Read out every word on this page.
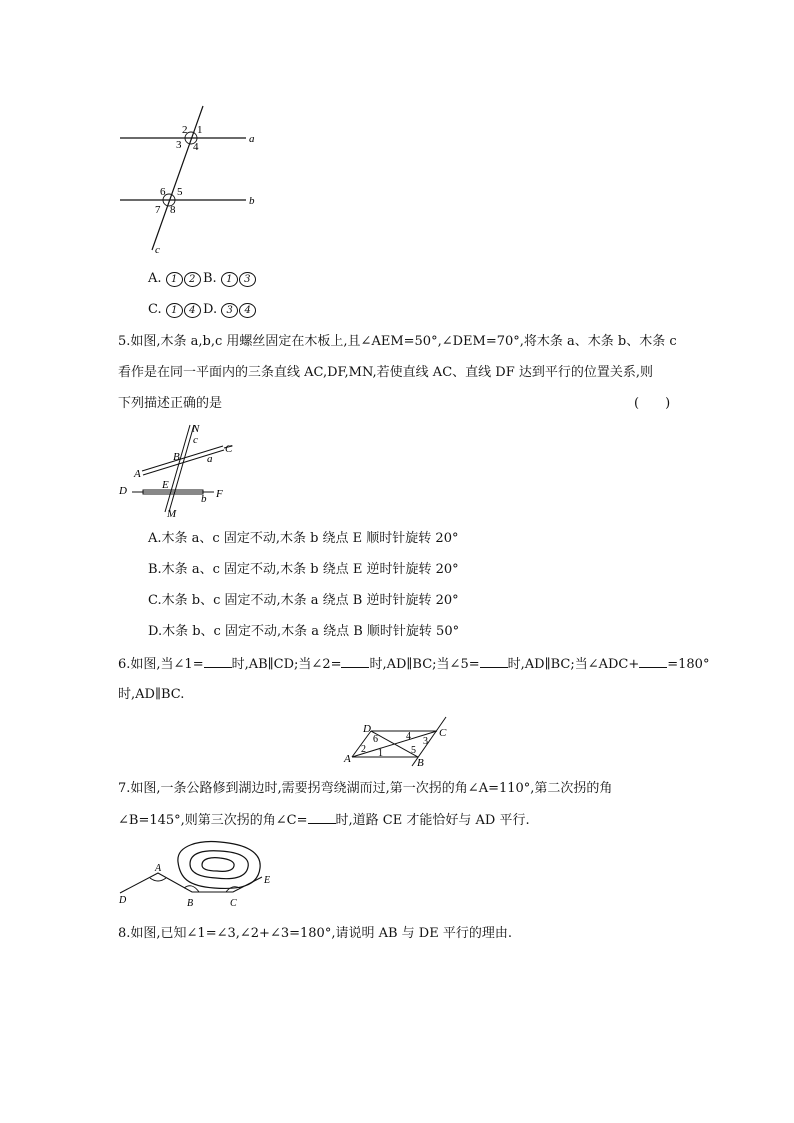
a
b
c
2 1
3 4
6 5
7 8
A. 1 2 B. 1 3
C. 1 4 D. 3 4
5.如图,木条 a,b,c 用螺丝固定在木板上,且∠AEM=50°,∠DEM=70°,将木条 a、木条 b、木条 c
看作是在同一平面内的三条直线 AC,DF,MN,若使直线 AC、直线 DF 达到平行的位置关系,则
下列描述正确的是	(　　)
N
c
C
B a
A
D	E
F
b
M
A.木条 a、c 固定不动,木条 b 绕点 E 顺时针旋转 20°
B.木条 a、c 固定不动,木条 b 绕点 E 逆时针旋转 20°
C.木条 b、c 固定不动,木条 a 绕点 B 逆时针旋转 20°
D.木条 b、c 固定不动,木条 a 绕点 B 顺时针旋转 50°
6.如图,当∠1= 时,AB∥CD;当∠2= 时,AD∥BC;当∠5= 时,AD∥BC;当∠ADC+ =180°
时,AD∥BC.
D	C
A	B
1
2
3
4
5
6
7.如图,一条公路修到湖边时,需要拐弯绕湖而过,第一次拐的角∠A=110°,第二次拐的角
∠B=145°,则第三次拐的角∠C= 时,道路 CE 才能恰好与 AD 平行.
A
B	C
D
E
8.如图,已知∠1=∠3,∠2+∠3=180°,请说明 AB 与 DE 平行的理由.
